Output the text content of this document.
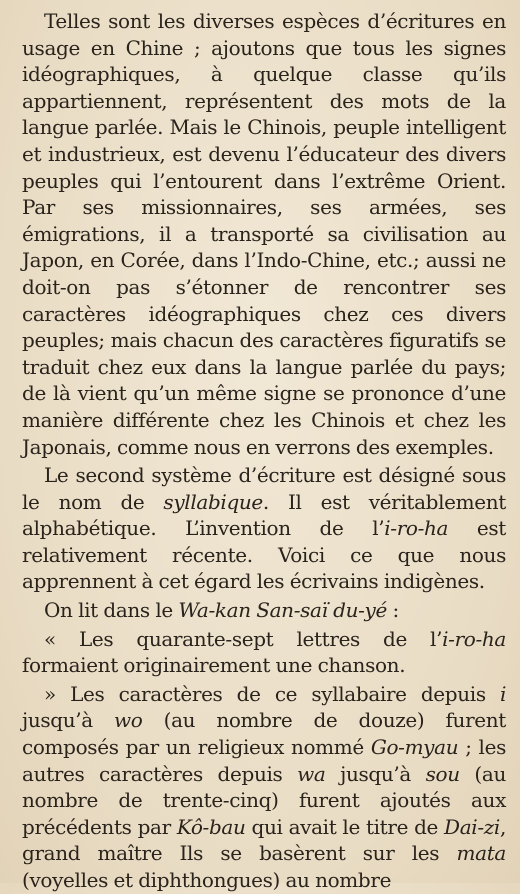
Telles sont les diverses espèces d’écritures en usage en Chine ; ajoutons que tous les signes idéographiques, à quelque classe qu’ils appartiennent, représentent des mots de la langue parlée. Mais le Chinois, peuple intelligent et industrieux, est devenu l’éducateur des divers peuples qui l’entourent dans l’extrême Orient. Par ses missionnaires, ses armées, ses émigrations, il a transporté sa civilisation au Japon, en Corée, dans l’Indo-Chine, etc.; aussi ne doit-on pas s’étonner de rencontrer ses caractères idéographiques chez ces divers peuples; mais chacun des caractères figuratifs se traduit chez eux dans la langue parlée du pays; de là vient qu’un même signe se prononce d’une manière différente chez les Chinois et chez les Japonais, comme nous en verrons des exemples.

Le second système d’écriture est désigné sous le nom de syllabique. Il est véritablement alphabétique. L’invention de l’i-ro-ha est relativement récente. Voici ce que nous apprennent à cet égard les écrivains indigènes.

On lit dans le Wa-kan San-saï du-yé :

« Les quarante-sept lettres de l’i-ro-ha formaient originairement une chanson.

» Les caractères de ce syllabaire depuis i jusqu’à wo (au nombre de douze) furent composés par un religieux nommé Go-myau ; les autres caractères depuis wa jusqu’à sou (au nombre de trente-cinq) furent ajoutés aux précédents par Kô-bau qui avait le titre de Dai-zi, grand maître Ils se basèrent sur les mata (voyelles et diphthongues) au nombre
